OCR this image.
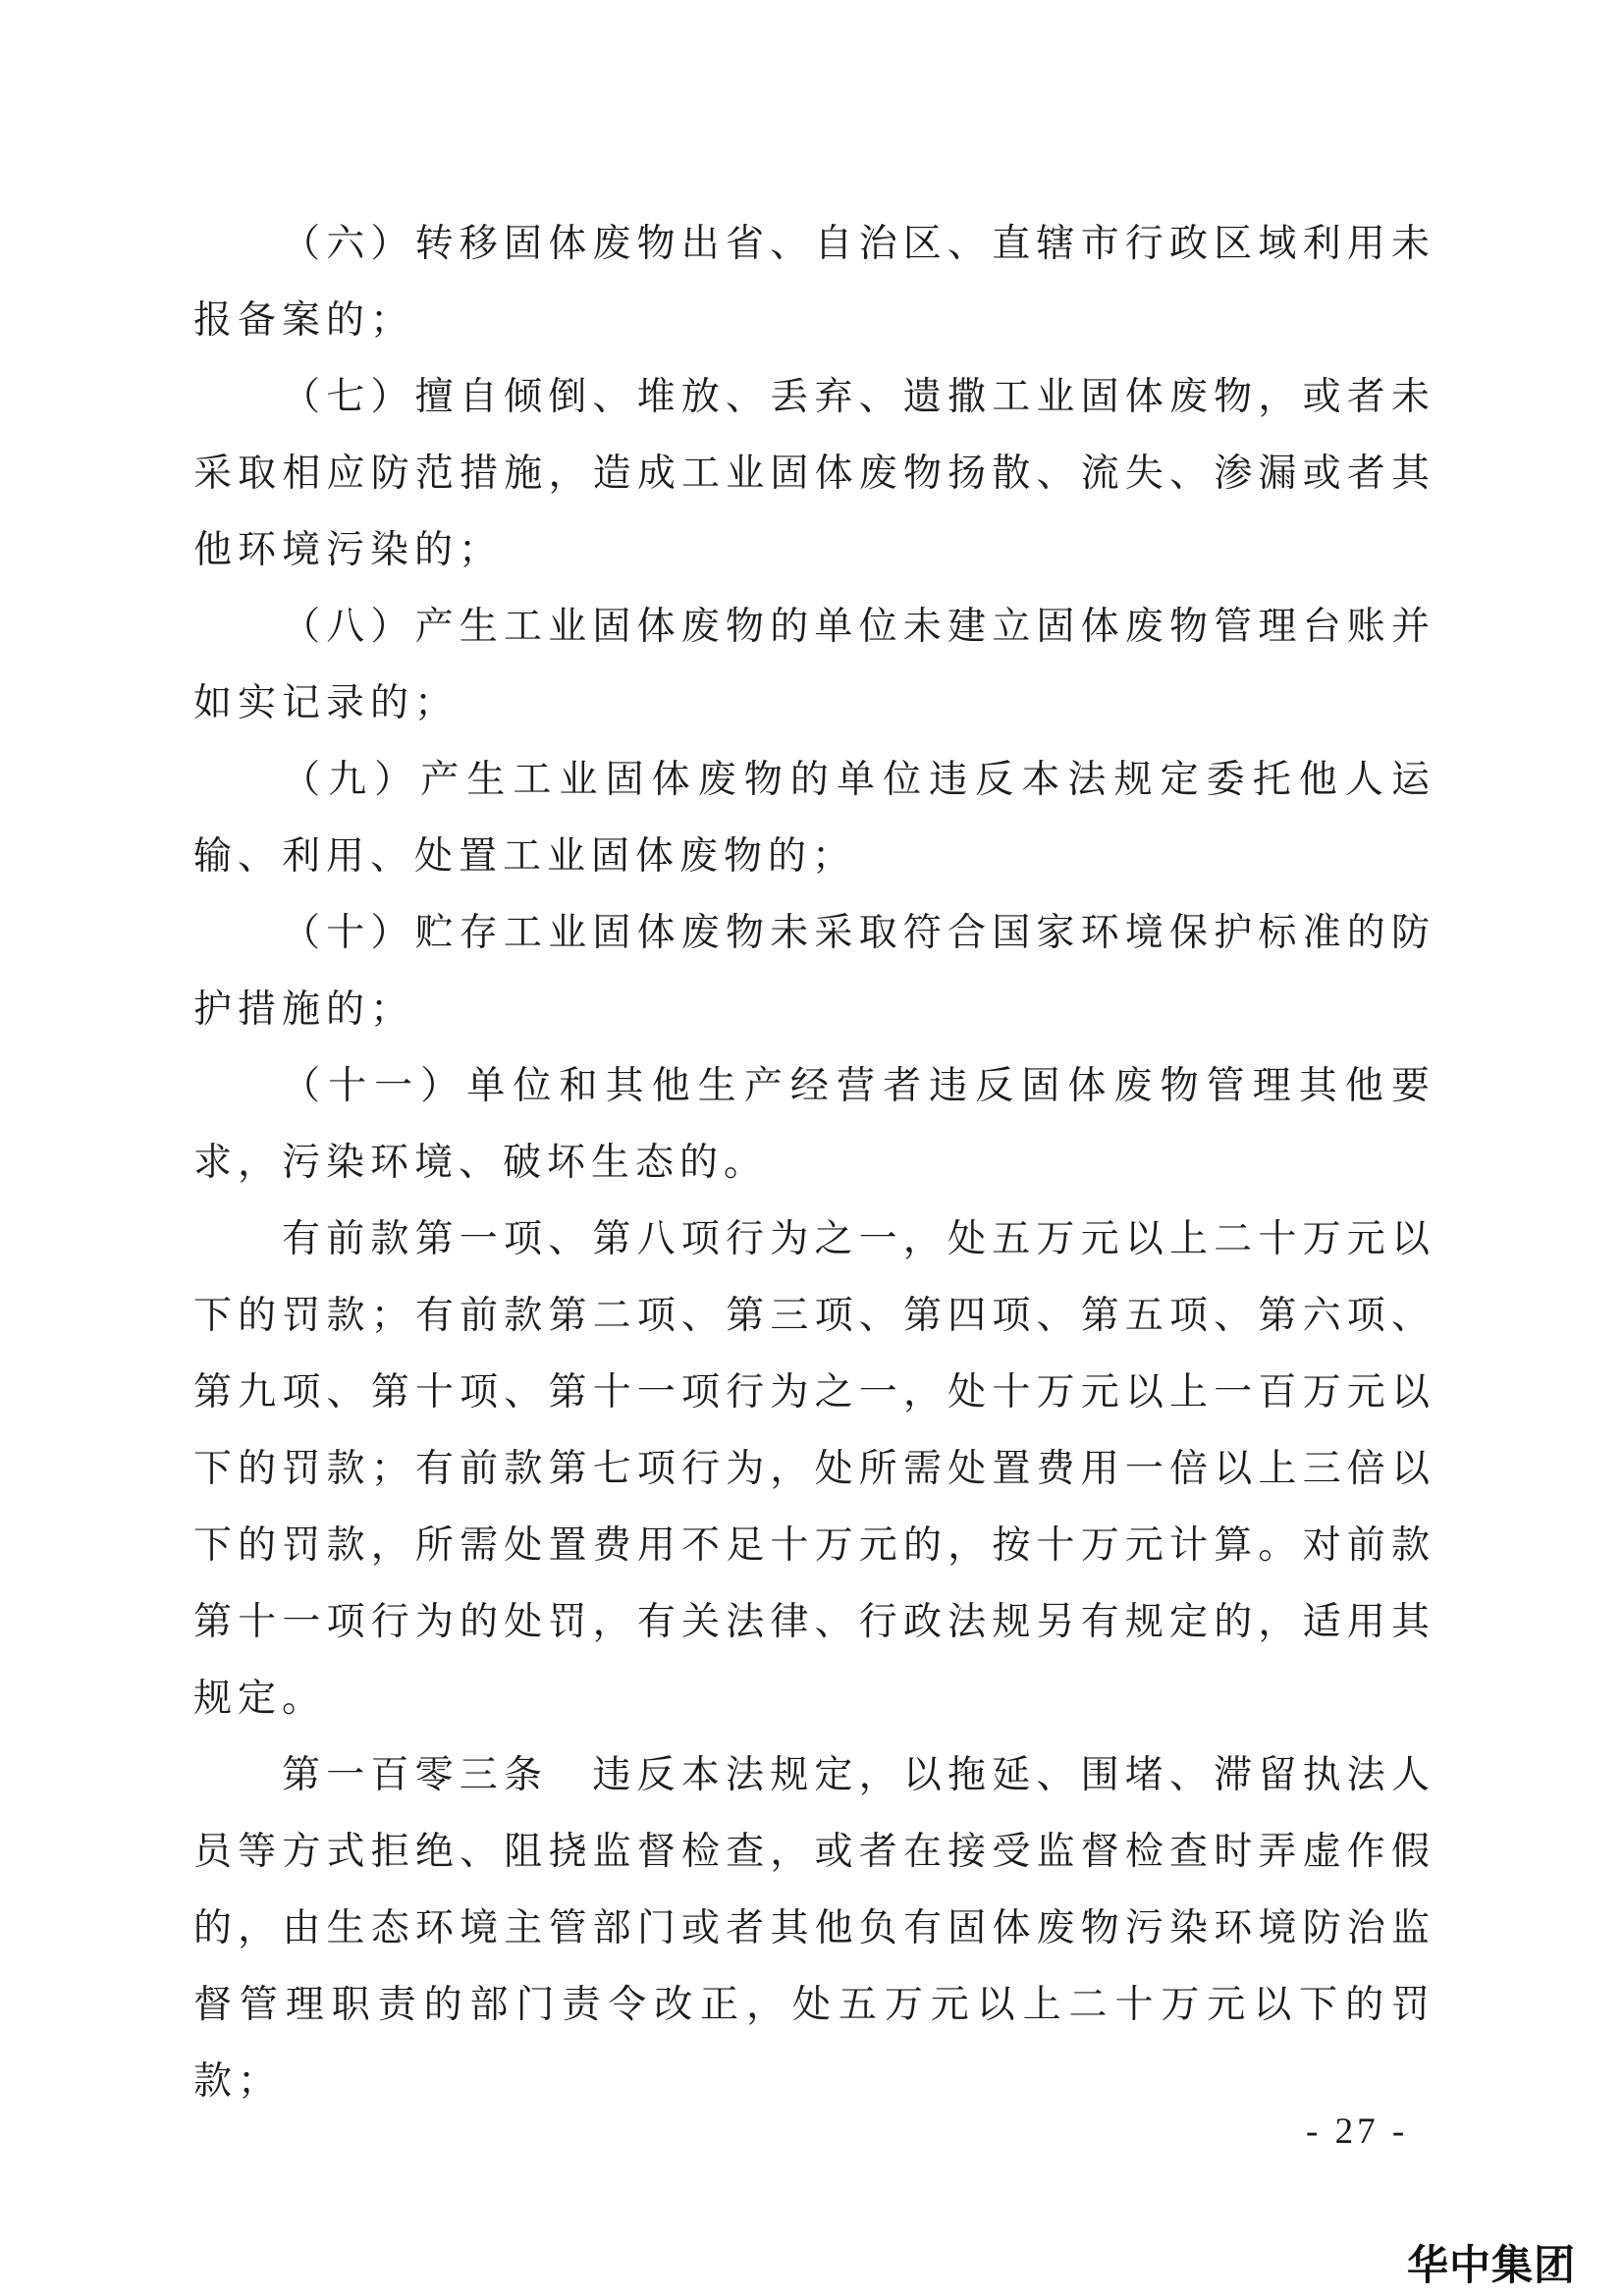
（六）转移固体废物出省、自治区、直辖市行政区域利用未报备案的；

（七）擅自倾倒、堆放、丢弃、遗撒工业固体废物，或者未采取相应防范措施，造成工业固体废物扬散、流失、渗漏或者其他环境污染的；

（八）产生工业固体废物的单位未建立固体废物管理台账并如实记录的；

（九）产生工业固体废物的单位违反本法规定委托他人运输、利用、处置工业固体废物的；

（十）贮存工业固体废物未采取符合国家环境保护标准的防护措施的；

（十一）单位和其他生产经营者违反固体废物管理其他要求，污染环境、破坏生态的。

有前款第一项、第八项行为之一，处五万元以上二十万元以下的罚款；有前款第二项、第三项、第四项、第五项、第六项、第九项、第十项、第十一项行为之一，处十万元以上一百万元以下的罚款；有前款第七项行为，处所需处置费用一倍以上三倍以下的罚款，所需处置费用不足十万元的，按十万元计算。对前款第十一项行为的处罚，有关法律、行政法规另有规定的，适用其规定。

第一百零三条　违反本法规定，以拖延、围堵、滞留执法人员等方式拒绝、阻挠监督检查，或者在接受监督检查时弄虚作假的，由生态环境主管部门或者其他负有固体废物污染环境防治监督管理职责的部门责令改正，处五万元以上二十万元以下的罚款；

- 27 -
华中集团
